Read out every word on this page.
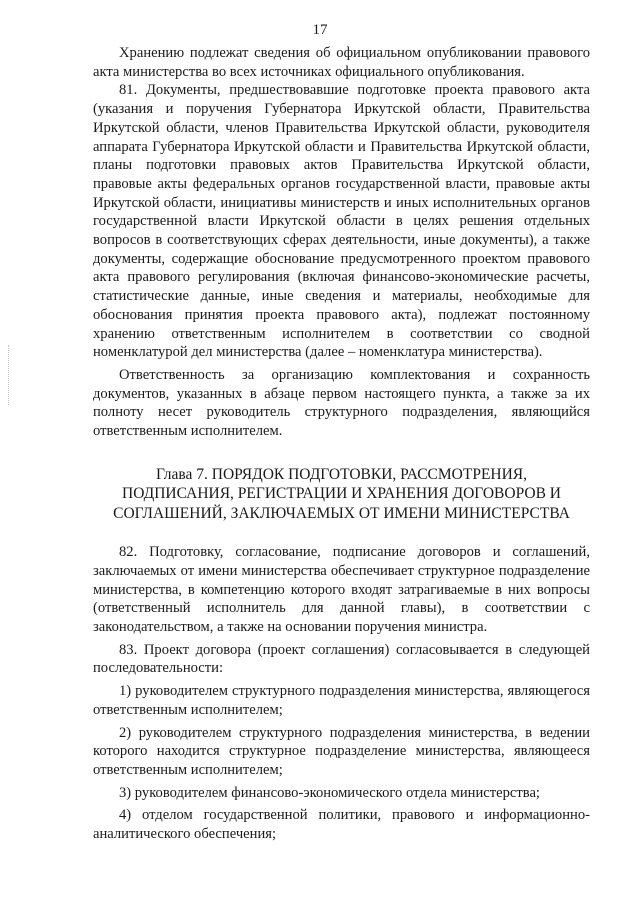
17

Хранению подлежат сведения об официальном опубликовании правового акта министерства во всех источниках официального опубликования.

81. Документы, предшествовавшие подготовке проекта правового акта (указания и поручения Губернатора Иркутской области, Правительства Иркутской области, членов Правительства Иркутской области, руководителя аппарата Губернатора Иркутской области и Правительства Иркутской области, планы подготовки правовых актов Правительства Иркутской области, правовые акты федеральных органов государственной власти, правовые акты Иркутской области, инициативы министерств и иных исполнительных органов государственной власти Иркутской области в целях решения отдельных вопросов в соответствующих сферах деятельности, иные документы), а также документы, содержащие обоснование предусмотренного проектом правового акта правового регулирования (включая финансово-экономические расчеты, статистические данные, иные сведения и материалы, необходимые для обоснования принятия проекта правового акта), подлежат постоянному хранению ответственным исполнителем в соответствии со сводной номенклатурой дел министерства (далее – номенклатура министерства).

Ответственность за организацию комплектования и сохранность документов, указанных в абзаце первом настоящего пункта, а также за их полноту несет руководитель структурного подразделения, являющийся ответственным исполнителем.

Глава 7. ПОРЯДОК ПОДГОТОВКИ, РАССМОТРЕНИЯ, ПОДПИСАНИЯ, РЕГИСТРАЦИИ И ХРАНЕНИЯ ДОГОВОРОВ И СОГЛАШЕНИЙ, ЗАКЛЮЧАЕМЫХ ОТ ИМЕНИ МИНИСТЕРСТВА

82. Подготовку, согласование, подписание договоров и соглашений, заключаемых от имени министерства обеспечивает структурное подразделение министерства, в компетенцию которого входят затрагиваемые в них вопросы (ответственный исполнитель для данной главы), в соответствии с законодательством, а также на основании поручения министра.

83. Проект договора (проект соглашения) согласовывается в следующей последовательности:

1) руководителем структурного подразделения министерства, являющегося ответственным исполнителем;

2) руководителем структурного подразделения министерства, в ведении которого находится структурное подразделение министерства, являющееся ответственным исполнителем;

3) руководителем финансово-экономического отдела министерства;

4) отделом государственной политики, правового и информационно-аналитического обеспечения;
